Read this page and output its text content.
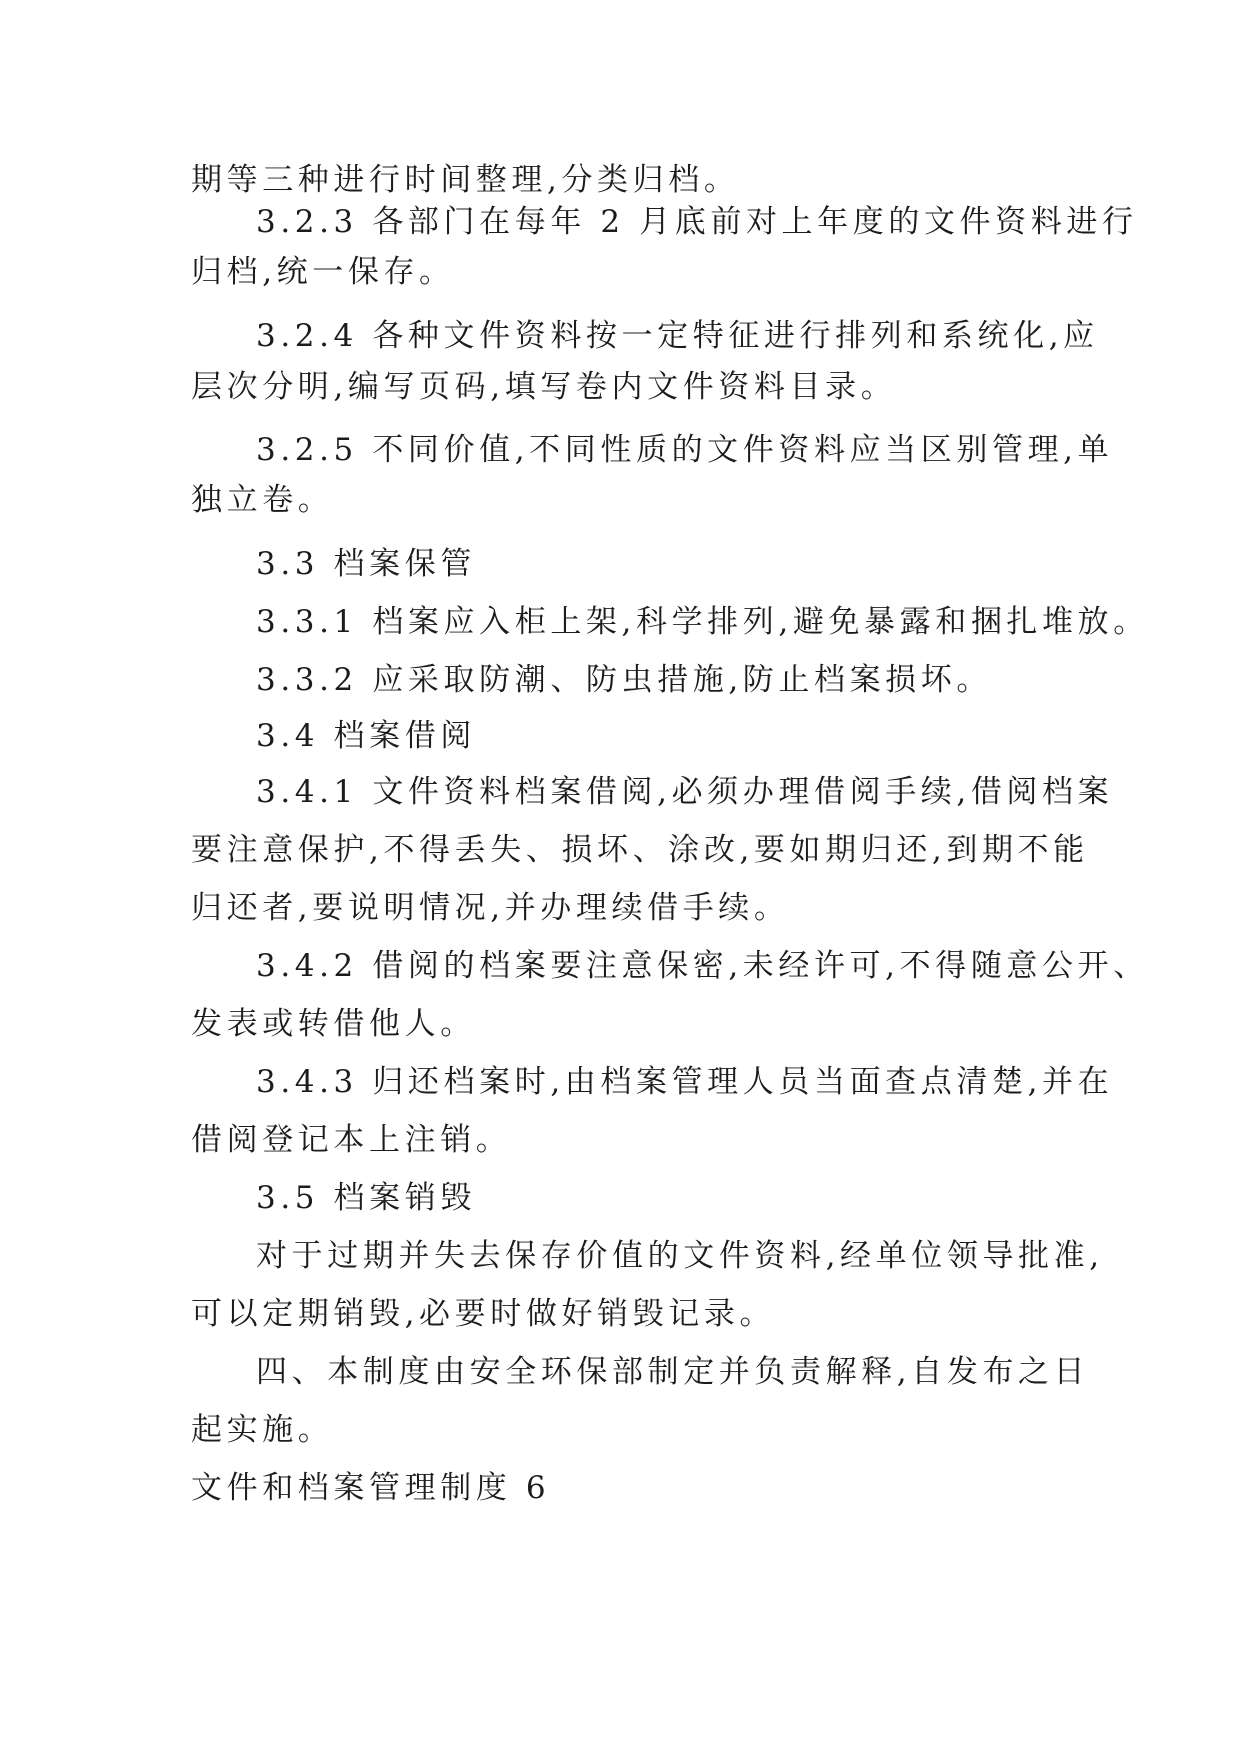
期等三种进行时间整理,分类归档。
3.2.3 各部门在每年 2 月底前对上年度的文件资料进行
归档,统一保存。
3.2.4 各种文件资料按一定特征进行排列和系统化,应
层次分明,编写页码,填写卷内文件资料目录。
3.2.5 不同价值,不同性质的文件资料应当区别管理,单
独立卷。
3.3 档案保管
3.3.1 档案应入柜上架,科学排列,避免暴露和捆扎堆放。
3.3.2 应采取防潮、防虫措施,防止档案损坏。
3.4 档案借阅
3.4.1 文件资料档案借阅,必须办理借阅手续,借阅档案
要注意保护,不得丢失、损坏、涂改,要如期归还,到期不能
归还者,要说明情况,并办理续借手续。
3.4.2 借阅的档案要注意保密,未经许可,不得随意公开、
发表或转借他人。
3.4.3 归还档案时,由档案管理人员当面查点清楚,并在
借阅登记本上注销。
3.5 档案销毁
对于过期并失去保存价值的文件资料,经单位领导批准,
可以定期销毁,必要时做好销毁记录。
四、本制度由安全环保部制定并负责解释,自发布之日
起实施。
文件和档案管理制度 6
